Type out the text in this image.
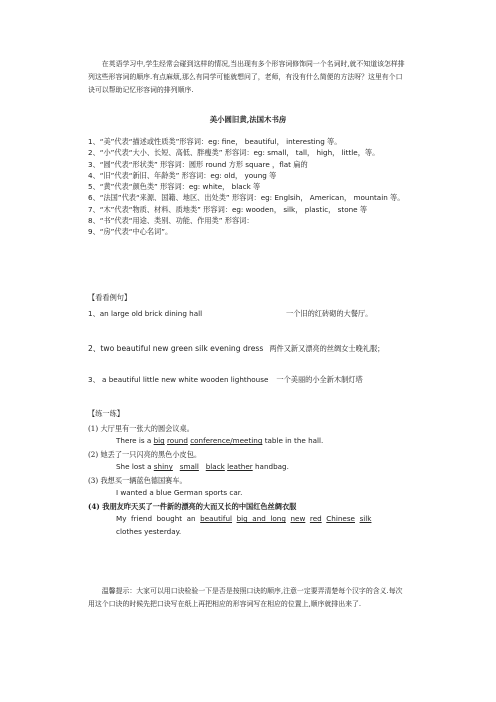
在英语学习中,学生经常会碰到这样的情况,当出现有多个形容词修饰同一个名词时,就不知道该怎样排列这些形容词的顺序.有点麻烦,那么有同学可能就想问了，老师，有没有什么简便的方法呀？这里有个口诀可以帮助记忆形容词的排列顺序.

美小圆旧黄,法国木书房
1、“美”代表“描述或性质类”形容词：eg: fine， beautiful， interesting 等。
2、“小”代表“大小、长短、高低、胖瘦类” 形容词：eg: small， tall， high， little，等。
3、“圆”代表“形状类” 形容词：圆形 round 方形 square ，flat 扁的
4、“旧”代表“新旧、年龄类” 形容词：eg: old， young 等
5、“黄”代表“颜色类” 形容词：eg: white， black 等
6、“法国”代表“来源、国籍、地区、出处类” 形容词：eg: Englsih， American， mountain 等。
7、“木”代表“物质、材料、质地类” 形容词：eg: wooden， silk， plastic， stone 等
8、“书”代表“用途、类别、功能、作用类” 形容词：
9、“房”代表“中心名词”。
【看看例句】
1、an large old brick dining hall	一个旧的红砖砌的大餐厅。
2、two beautiful new green silk evening dress 两件又新又漂亮的丝绸女士晚礼服；
3、 a beautiful little new white wooden lighthouse 一个美丽的小全新木制灯塔
【练一练】
(1) 大厅里有一张大的圆会议桌。
There is a big round conference/meeting table in the hall.
(2) 她丢了一只闪亮的黑色小皮包。
She lost a shiny small black leather handbag.
(3) 我想买一辆蓝色德国赛车。
I wanted a blue German sports car.
(4) 我朋友昨天买了一件新的漂亮的大而又长的中国红色丝绸衣服
My  friend  bought  an  beautiful big  and  long new red Chinese silk
clothes yesterday.

温馨提示：大家可以用口诀检验一下是否是按照口诀的顺序,注意一定要弄清楚每个汉字的含义.每次用这个口诀的时候先把口诀写在纸上再把相应的形容词写在相应的位置上,顺序就排出来了.
